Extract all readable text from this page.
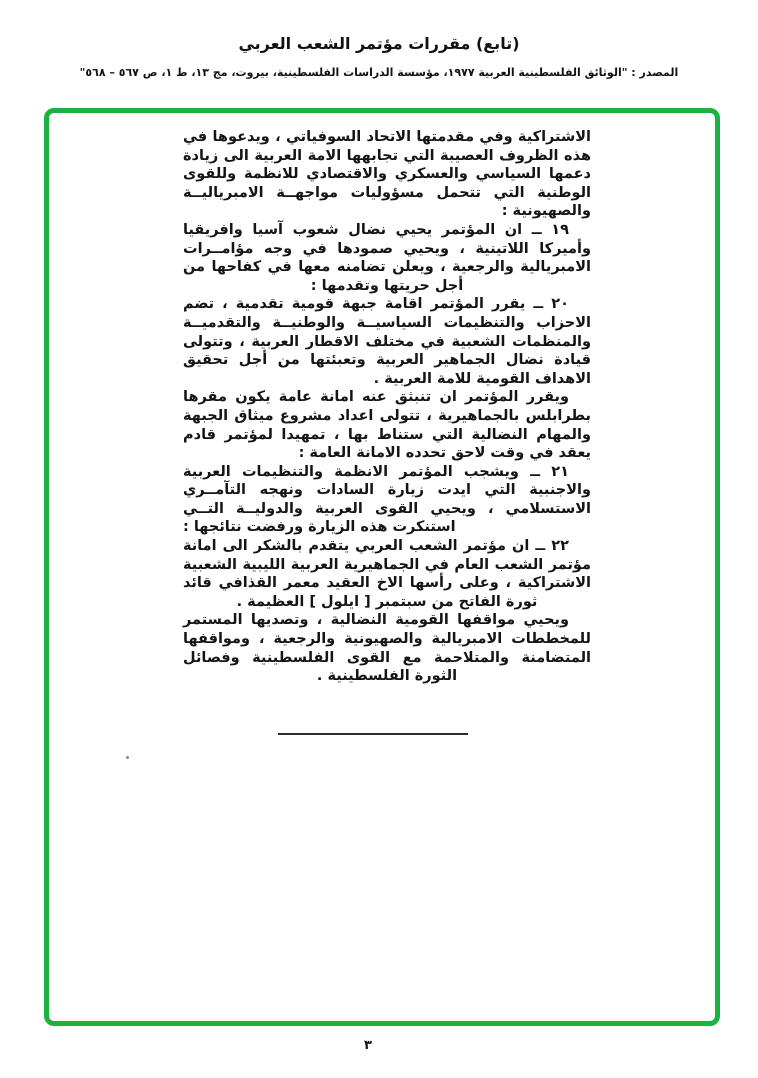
(تابع) مقررات مؤتمر الشعب العربي
المصدر : "الوثائق الفلسطينية العربية ١٩٧٧، مؤسسة الدراسات الفلسطينية، بيروت، مج ١٣، ط ١، ص ٥٦٧ – ٥٦٨"

الاشتراكية وفي مقدمتها الاتحاد السوفياتي ، ويدعوها في هذه الظروف العصيبة التي تجابهها الامة العربية الى زيادة دعمها السياسي والعسكري والاقتصادي للانظمة وللقوى الوطنية التي تتحمل مسؤوليات مواجهــة الامبرياليــة والصهيونية :

١٩ ــ ان المؤتمر يحيي نضال شعوب آسيا وافريقيا وأميركا اللاتينية ، ويحيي صمودها في وجه مؤامــرات الامبريالية والرجعية ، ويعلن تضامنه معها في كفاحها من أجل حريتها وتقدمها :

٢٠ ــ يقرر المؤتمر اقامة جبهة قومية تقدمية ، تضم الاحزاب والتنظيمات السياسيــة والوطنيــة والتقدميــة والمنظمات الشعبية في مختلف الاقطار العربية ، وتتولى قيادة نضال الجماهير العربية وتعبئتها من أجل تحقيق الاهداف القومية للامة العربية .

ويقرر المؤتمر ان تنبثق عنه امانة عامة يكون مقرها بطرابلس بالجماهيرية ، تتولى اعداد مشروع ميثاق الجبهة والمهام النضالية التي ستناط بها ، تمهيدا لمؤتمر قادم يعقد في وقت لاحق تحدده الامانة العامة :

٢١ ــ ويشجب المؤتمر الانظمة والتنظيمات العربية والاجنبية التي ايدت زيارة السادات ونهجه التآمــري الاستسلامي ، ويحيي القوى العربية والدوليــة التــي استنكرت هذه الزيارة ورفضت نتائجها :

٢٢ ــ ان مؤتمر الشعب العربي يتقدم بالشكر الى امانة مؤتمر الشعب العام في الجماهيرية العربية الليبية الشعبية الاشتراكية ، وعلى رأسها الاخ العقيد معمر القذافي قائد ثورة الفاتح من سبتمبر [ ايلول ] العظيمة .

ويحيي مواقفها القومية النضالية ، وتصديها المستمر للمخططات الامبريالية والصهيونية والرجعية ، ومواقفها المتضامنة والمتلاحمة مع القوى الفلسطينية وفصائل الثورة الفلسطينية .

٣
